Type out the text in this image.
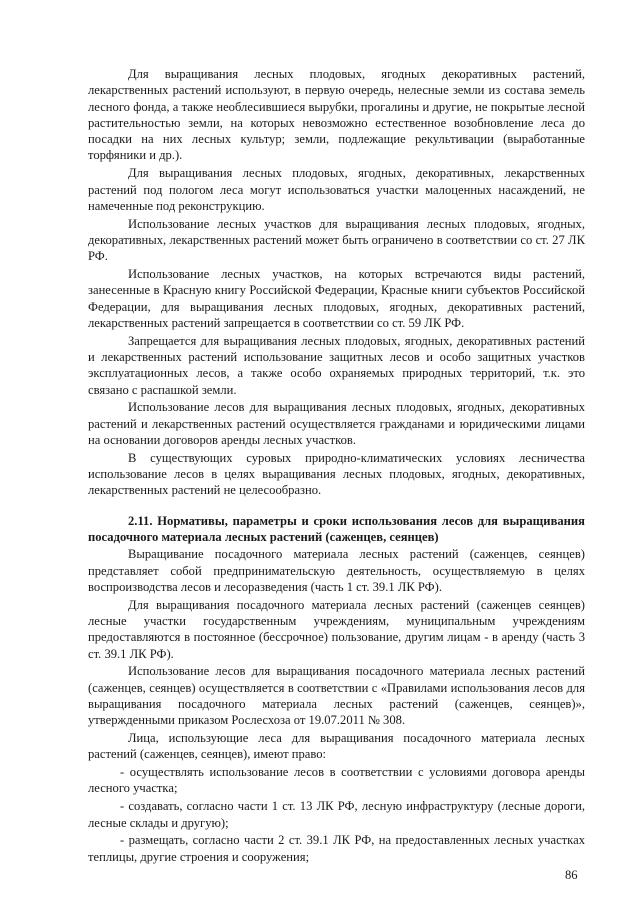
Для выращивания лесных плодовых, ягодных декоративных растений, лекарственных растений используют, в первую очередь, нелесные земли из состава земель лесного фонда, а также необлесившиеся вырубки, прогалины и другие, не покрытые лесной растительностью земли, на которых невозможно естественное возобновление леса до посадки на них лесных культур; земли, подлежащие рекультивации (выработанные торфяники и др.).

Для выращивания лесных плодовых, ягодных, декоративных, лекарственных растений под пологом леса могут использоваться участки малоценных насаждений, не намеченные под реконструкцию.

Использование лесных участков для выращивания лесных плодовых, ягодных, декоративных, лекарственных растений может быть ограничено в соответствии со ст. 27 ЛК РФ.

Использование лесных участков, на которых встречаются виды растений, занесенные в Красную книгу Российской Федерации, Красные книги субъектов Российской Федерации, для выращивания лесных плодовых, ягодных, декоративных растений, лекарственных растений запрещается в соответствии со ст. 59 ЛК РФ.

Запрещается для выращивания лесных плодовых, ягодных, декоративных растений и лекарственных растений использование защитных лесов и особо защитных участков эксплуатационных лесов, а также особо охраняемых природных территорий, т.к. это связано с распашкой земли.

Использование лесов для выращивания лесных плодовых, ягодных, декоративных растений и лекарственных растений осуществляется гражданами и юридическими лицами на основании договоров аренды лесных участков.

В существующих суровых природно-климатических условиях лесничества использование лесов в целях выращивания лесных плодовых, ягодных, декоративных, лекарственных растений не целесообразно.

2.11. Нормативы, параметры и сроки использования лесов для выращивания посадочного материала лесных растений (саженцев, сеянцев)

Выращивание посадочного материала лесных растений (саженцев, сеянцев) представляет собой предпринимательскую деятельность, осуществляемую в целях воспроизводства лесов и лесоразведения (часть 1 ст. 39.1 ЛК РФ).

Для выращивания посадочного материала лесных растений (саженцев сеянцев) лесные участки государственным учреждениям, муниципальным учреждениям предоставляются в постоянное (бессрочное) пользование, другим лицам - в аренду (часть 3 ст. 39.1 ЛК РФ).

Использование лесов для выращивания посадочного материала лесных растений (саженцев, сеянцев) осуществляется в соответствии с «Правилами использования лесов для выращивания посадочного материала лесных растений (саженцев, сеянцев)», утвержденными приказом Рослесхоза от 19.07.2011 № 308.

Лица, использующие леса для выращивания посадочного материала лесных растений (саженцев, сеянцев), имеют право:

- осуществлять использование лесов в соответствии с условиями договора аренды лесного участка;

- создавать, согласно части 1 ст. 13 ЛК РФ, лесную инфраструктуру (лесные дороги, лесные склады и другую);

- размещать, согласно части 2 ст. 39.1 ЛК РФ, на предоставленных лесных участках теплицы, другие строения и сооружения;

86
